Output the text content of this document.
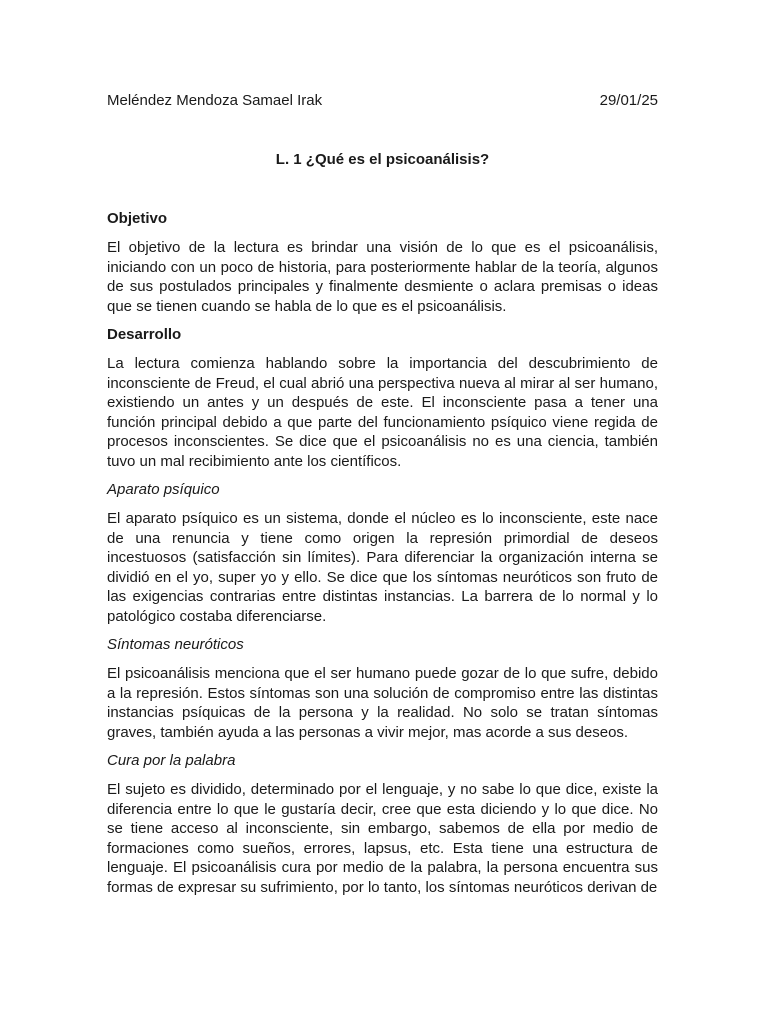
Meléndez Mendoza Samael Irak	29/01/25
L. 1 ¿Qué es el psicoanálisis?
Objetivo

El objetivo de la lectura es brindar una visión de lo que es el psicoanálisis, iniciando con un poco de historia, para posteriormente hablar de la teoría, algunos de sus postulados principales y finalmente desmiente o aclara premisas o ideas que se tienen cuando se habla de lo que es el psicoanálisis.

Desarrollo

La lectura comienza hablando sobre la importancia del descubrimiento de inconsciente de Freud, el cual abrió una perspectiva nueva al mirar al ser humano, existiendo un antes y un después de este. El inconsciente pasa a tener una función principal debido a que parte del funcionamiento psíquico viene regida de procesos inconscientes. Se dice que el psicoanálisis no es una ciencia, también tuvo un mal recibimiento ante los científicos.

Aparato psíquico

El aparato psíquico es un sistema, donde el núcleo es lo inconsciente, este nace de una renuncia y tiene como origen la represión primordial de deseos incestuosos (satisfacción sin límites). Para diferenciar la organización interna se dividió en el yo, super yo y ello. Se dice que los síntomas neuróticos son fruto de las exigencias contrarias entre distintas instancias. La barrera de lo normal y lo patológico costaba diferenciarse.

Síntomas neuróticos

El psicoanálisis menciona que el ser humano puede gozar de lo que sufre, debido a la represión. Estos síntomas son una solución de compromiso entre las distintas instancias psíquicas de la persona y la realidad. No solo se tratan síntomas graves, también ayuda a las personas a vivir mejor, mas acorde a sus deseos.

Cura por la palabra

El sujeto es dividido, determinado por el lenguaje, y no sabe lo que dice, existe la diferencia entre lo que le gustaría decir, cree que esta diciendo y lo que dice. No se tiene acceso al inconsciente, sin embargo, sabemos de ella por medio de formaciones como sueños, errores, lapsus, etc. Esta tiene una estructura de lenguaje. El psicoanálisis cura por medio de la palabra, la persona encuentra sus formas de expresar su sufrimiento, por lo tanto, los síntomas neuróticos derivan de
